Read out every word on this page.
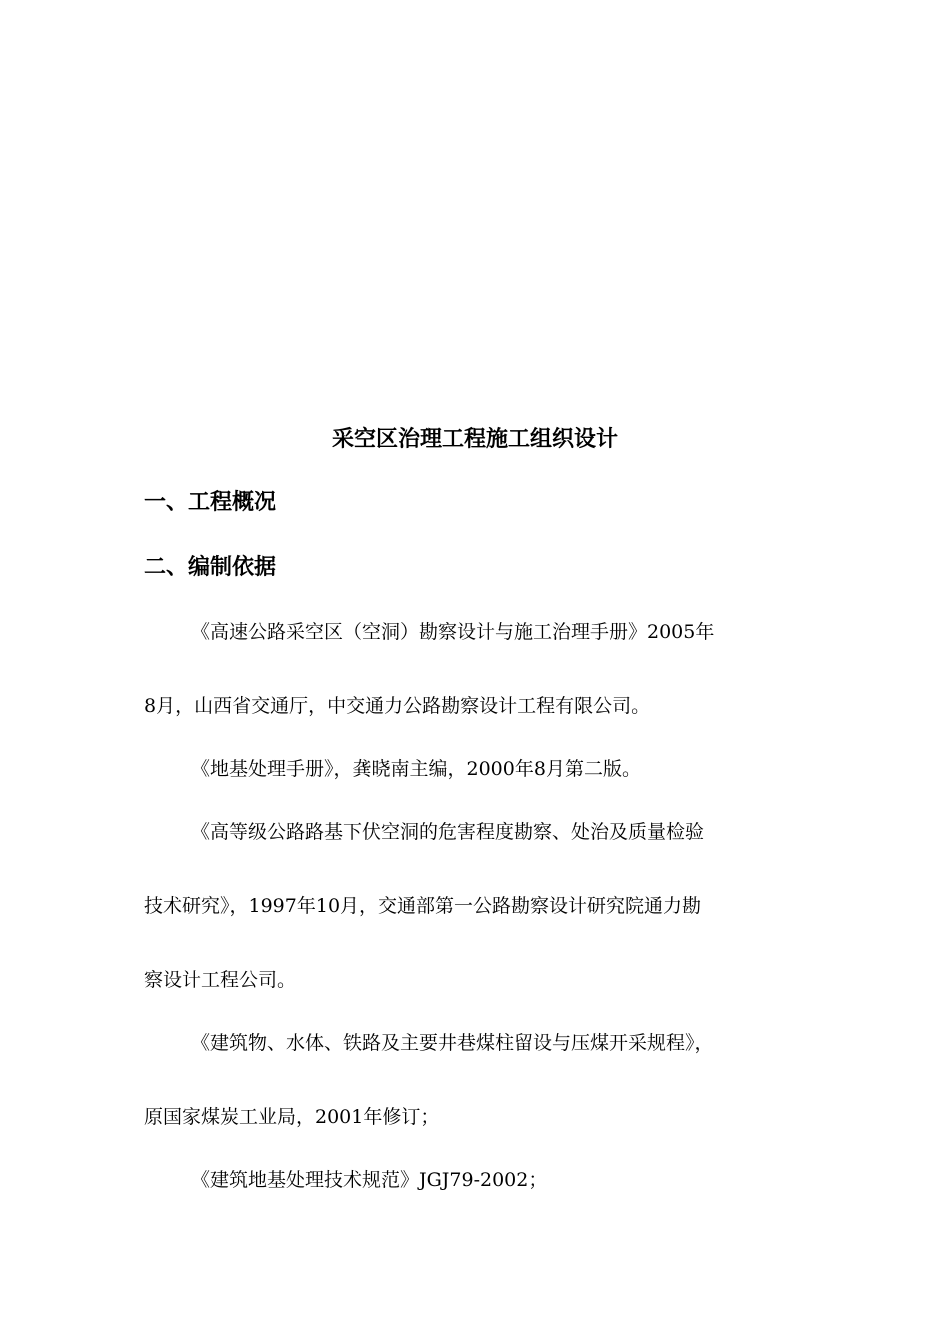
采空区治理工程施工组织设计
一、工程概况
二、编制依据
《高速公路采空区（空洞）勘察设计与施工治理手册》2005年
8月，山西省交通厅，中交通力公路勘察设计工程有限公司。
《地基处理手册》，龚晓南主编，2000年8月第二版。
《高等级公路路基下伏空洞的危害程度勘察、处治及质量检验
技术研究》，1997年10月，交通部第一公路勘察设计研究院通力勘
察设计工程公司。
《建筑物、水体、铁路及主要井巷煤柱留设与压煤开采规程》，
原国家煤炭工业局，2001年修订；
《建筑地基处理技术规范》JGJ79-2002；
